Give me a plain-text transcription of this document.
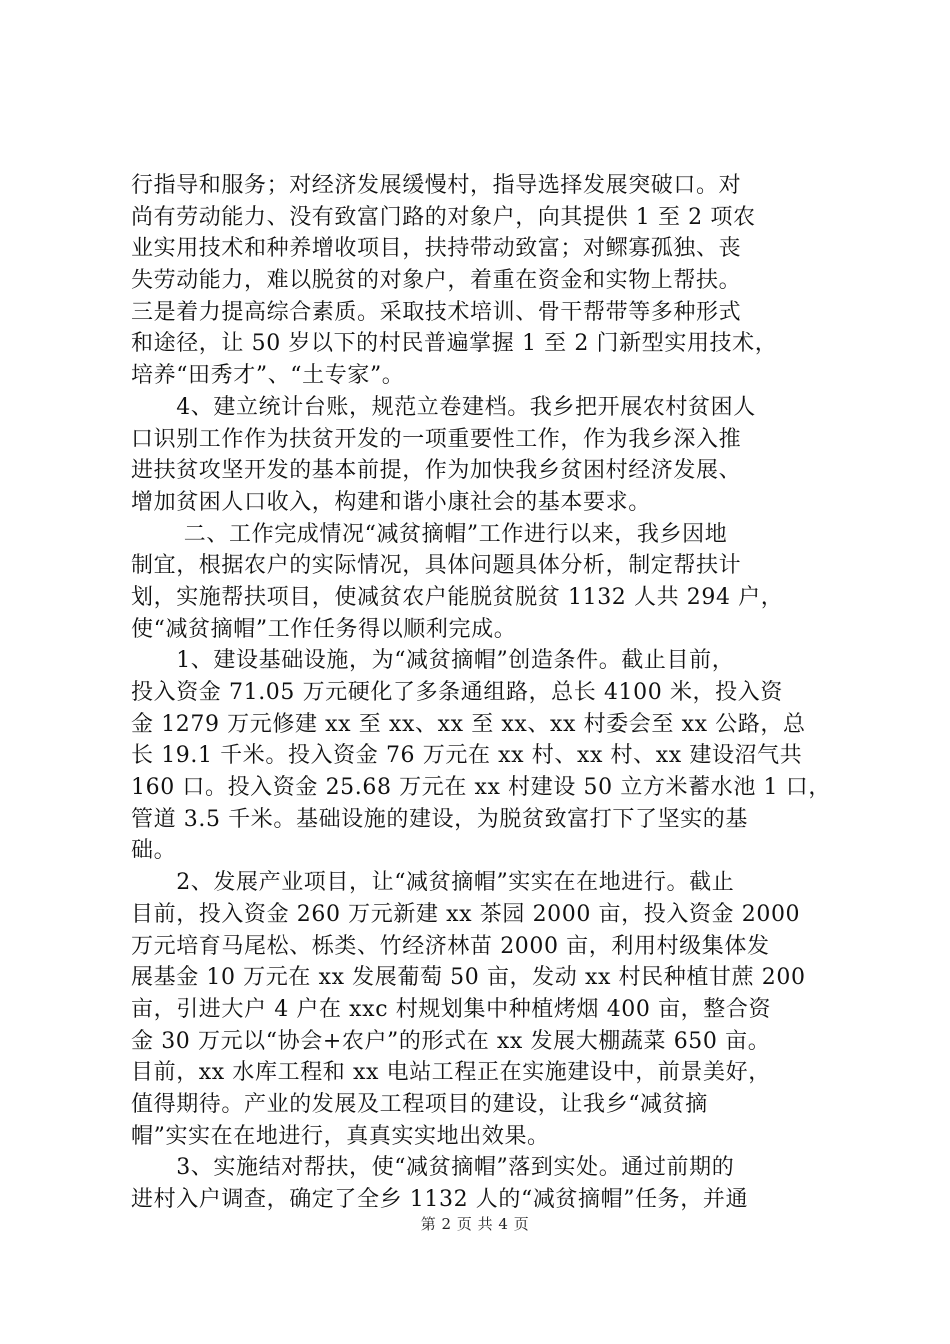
行指导和服务；对经济发展缓慢村，指导选择发展突破口。对
尚有劳动能力、没有致富门路的对象户，向其提供 1 至 2 项农
业实用技术和种养增收项目，扶持带动致富；对鳏寡孤独、丧
失劳动能力，难以脱贫的对象户，着重在资金和实物上帮扶。
三是着力提高综合素质。采取技术培训、骨干帮带等多种形式
和途径，让 50 岁以下的村民普遍掌握 1 至 2 门新型实用技术，
培养“田秀才”、“土专家”。
　　4、建立统计台账，规范立卷建档。我乡把开展农村贫困人
口识别工作作为扶贫开发的一项重要性工作，作为我乡深入推
进扶贫攻坚开发的基本前提，作为加快我乡贫困村经济发展、
增加贫困人口收入，构建和谐小康社会的基本要求。
　　 二、工作完成情况“减贫摘帽”工作进行以来，我乡因地
制宜，根据农户的实际情况，具体问题具体分析，制定帮扶计
划，实施帮扶项目，使减贫农户能脱贫脱贫 1132 人共 294 户，
使“减贫摘帽”工作任务得以顺利完成。
　　1、建设基础设施，为“减贫摘帽”创造条件。截止目前，
投入资金 71.05 万元硬化了多条通组路，总长 4100 米，投入资
金 1279 万元修建 xx 至 xx、xx 至 xx、xx 村委会至 xx 公路，总
长 19.1 千米。投入资金 76 万元在 xx 村、xx 村、xx 建设沼气共
160 口。投入资金 25.68 万元在 xx 村建设 50 立方米蓄水池 1 口，
管道 3.5 千米。基础设施的建设，为脱贫致富打下了坚实的基
础。
　　2、发展产业项目，让“减贫摘帽”实实在在地进行。截止
目前，投入资金 260 万元新建 xx 茶园 2000 亩，投入资金 2000
万元培育马尾松、栎类、竹经济林苗 2000 亩，利用村级集体发
展基金 10 万元在 xx 发展葡萄 50 亩，发动 xx 村民种植甘蔗 200
亩，引进大户 4 户在 xxc 村规划集中种植烤烟 400 亩，整合资
金 30 万元以“协会+农户”的形式在 xx 发展大棚蔬菜 650 亩。
目前，xx 水库工程和 xx 电站工程正在实施建设中，前景美好，
值得期待。产业的发展及工程项目的建设，让我乡“减贫摘
帽”实实在在地进行，真真实实地出效果。
　　3、实施结对帮扶，使“减贫摘帽”落到实处。通过前期的
进村入户调查，确定了全乡 1132 人的“减贫摘帽”任务，并通
第 2 页 共 4 页
